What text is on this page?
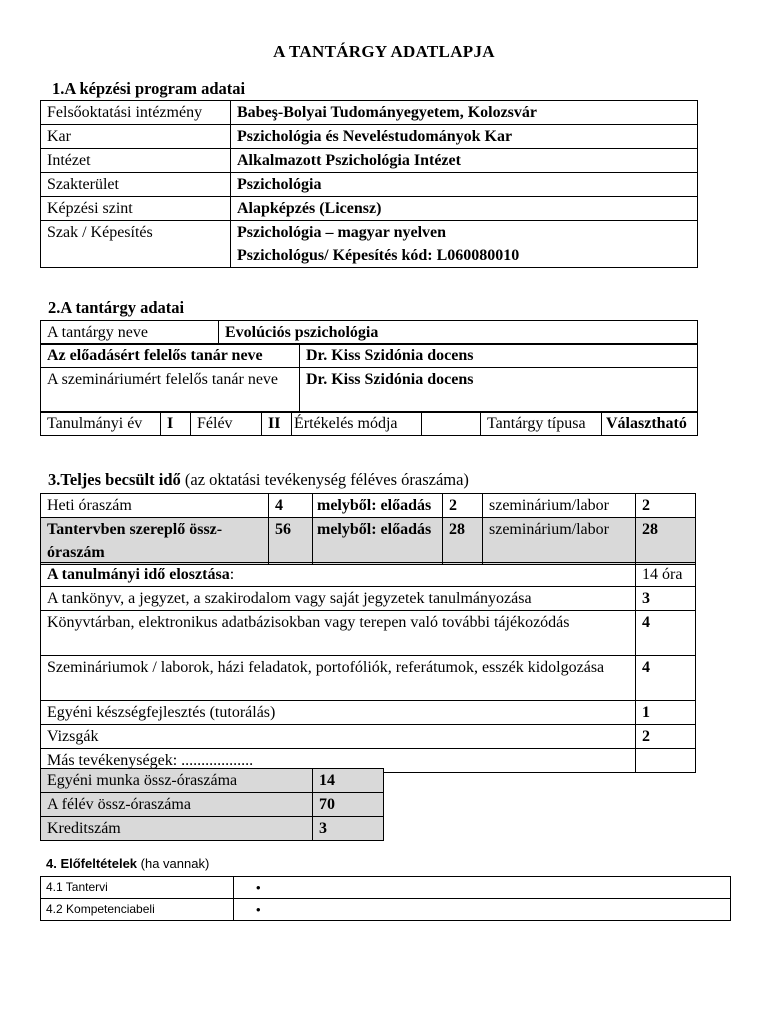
A TANTÁRGY ADATLAPJA
1.A képzési program adatai
Felsőoktatási intézmény	Babeş-Bolyai Tudományegyetem, Kolozsvár
Kar	Pszichológia és Neveléstudományok Kar
Intézet	Alkalmazott Pszichológia Intézet
Szakterület	Pszichológia
Képzési szint	Alapképzés (Licensz)
Szak / Képesítés	Pszichológia – magyar nyelven
Pszichológus/ Képesítés kód: L060080010
2.A tantárgy adatai
A tantárgy neve	Evolúciós pszichológia
Az előadásért felelős tanár neve	Dr. Kiss Szidónia docens
A szemináriumért felelős tanár neve	Dr. Kiss Szidónia docens
Tanulmányi év	I	Félév	II	Értékelés módja		Tantárgy típusa	Választható
3.Teljes becsült idő (az oktatási tevékenység féléves óraszáma)
Heti óraszám	4	melyből: előadás	2	szeminárium/labor	2
Tantervben szereplő össz-óraszám	56	melyből: előadás	28	szeminárium/labor	28
A tanulmányi idő elosztása:	14 óra
A tankönyv, a jegyzet, a szakirodalom vagy saját jegyzetek tanulmányozása	3
Könyvtárban, elektronikus adatbázisokban vagy terepen való további tájékozódás	4
Szemináriumok / laborok, házi feladatok, portofóliók, referátumok, esszék kidolgozása	4
Egyéni készségfejlesztés (tutorálás)	1
Vizsgák	2
Más tevékenységek: ..................	
Egyéni munka össz-óraszáma	14
A félév össz-óraszáma	70
Kreditszám	3
4. Előfeltételek (ha vannak)
4.1 Tantervi	•
4.2 Kompetenciabeli	•
